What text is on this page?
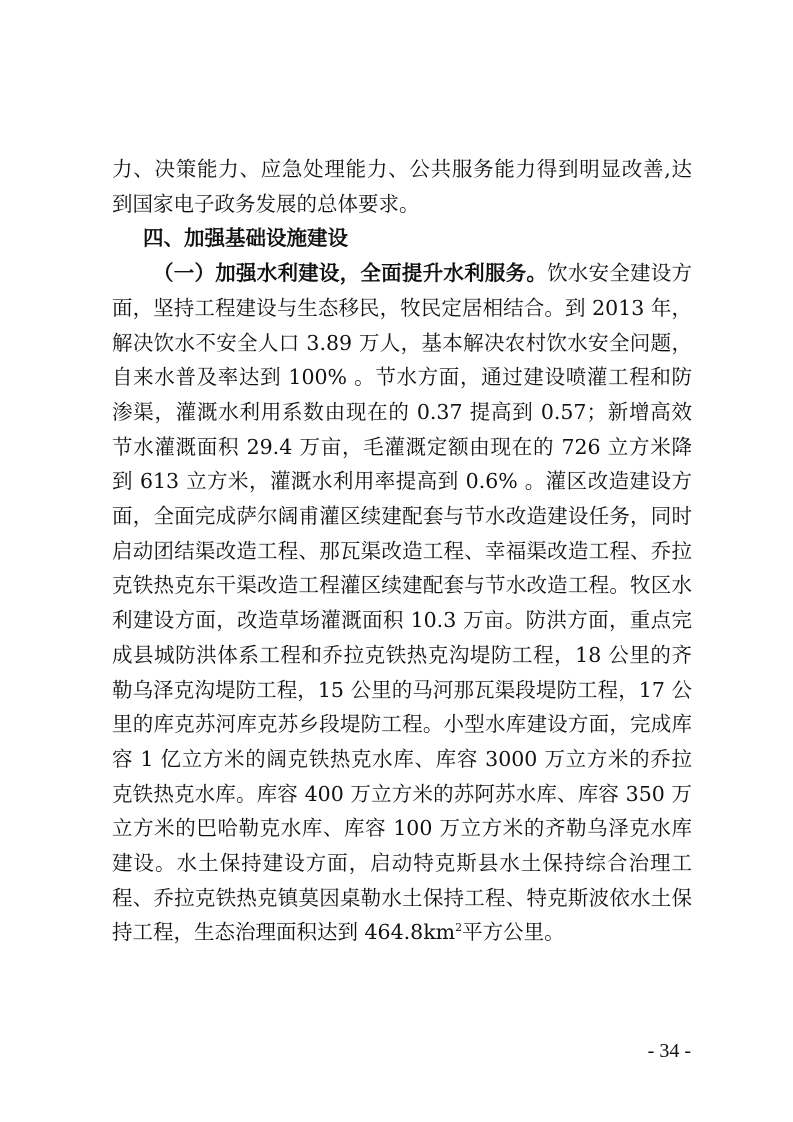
力、决策能力、应急处理能力、公共服务能力得到明显改善,达到国家电子政务发展的总体要求。

四、加强基础设施建设

（一）加强水利建设，全面提升水利服务。饮水安全建设方面，坚持工程建设与生态移民，牧民定居相结合。到 2013 年，解决饮水不安全人口 3.89 万人，基本解决农村饮水安全问题，自来水普及率达到 100% 。节水方面，通过建设喷灌工程和防渗渠，灌溉水利用系数由现在的 0.37 提高到 0.57；新增高效节水灌溉面积 29.4 万亩，毛灌溉定额由现在的 726 立方米降到 613 立方米，灌溉水利用率提高到 0.6% 。灌区改造建设方面，全面完成萨尔阔甫灌区续建配套与节水改造建设任务，同时启动团结渠改造工程、那瓦渠改造工程、幸福渠改造工程、乔拉克铁热克东干渠改造工程灌区续建配套与节水改造工程。牧区水利建设方面，改造草场灌溉面积 10.3 万亩。防洪方面，重点完成县城防洪体系工程和乔拉克铁热克沟堤防工程，18 公里的齐勒乌泽克沟堤防工程，15 公里的马河那瓦渠段堤防工程，17 公里的库克苏河库克苏乡段堤防工程。小型水库建设方面，完成库容 1 亿立方米的阔克铁热克水库、库容 3000 万立方米的乔拉克铁热克水库。库容 400 万立方米的苏阿苏水库、库容 350 万立方米的巴哈勒克水库、库容 100 万立方米的齐勒乌泽克水库建设。水土保持建设方面，启动特克斯县水土保持综合治理工程、乔拉克铁热克镇莫因桌勒水土保持工程、特克斯波依水土保持工程，生态治理面积达到 $464.8km^2$平方公里。

- 34 -
